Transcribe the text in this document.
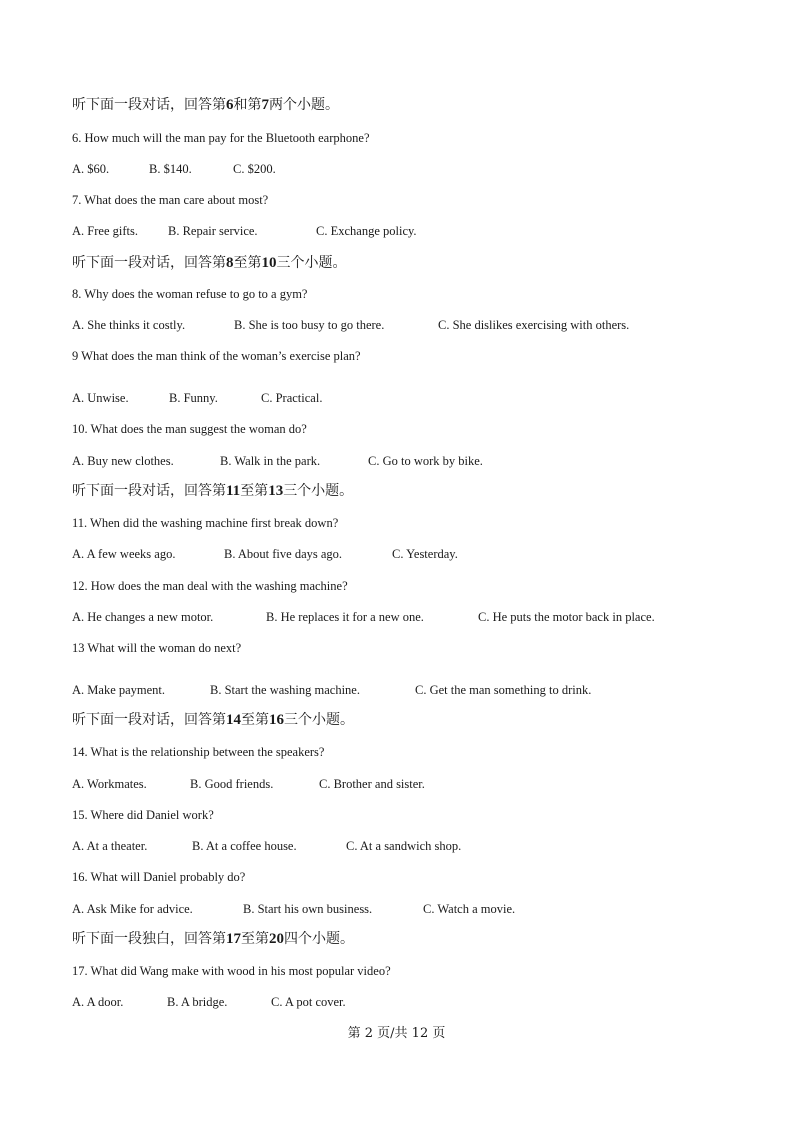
听下面一段对话，回答第6和第7两个小题。
6. How much will the man pay for the Bluetooth earphone?
A. $60.	B. $140.	C. $200.
7. What does the man care about most?
A. Free gifts. B. Repair service.	C. Exchange policy.
听下面一段对话，回答第8至第10三个小题。
8. Why does the woman refuse to go to a gym?
A. She thinks it costly.	B. She is too busy to go there.	C. She dislikes exercising with others.
9 What does the man think of the woman’s exercise plan?
A. Unwise.	B. Funny.	C. Practical.
10. What does the man suggest the woman do?
A. Buy new clothes.	B. Walk in the park.	C. Go to work by bike.
听下面一段对话，回答第11至第13三个小题。
11. When did the washing machine first break down?
A. A few weeks ago.	B. About five days ago.	C. Yesterday.
12. How does the man deal with the washing machine?
A. He changes a new motor.	B. He replaces it for a new one.	C. He puts the motor back in place.
13 What will the woman do next?
A. Make payment.	B. Start the washing machine.	C. Get the man something to drink.
听下面一段对话，回答第14至第16三个小题。
14. What is the relationship between the speakers?
A. Workmates.	B. Good friends.	C. Brother and sister.
15. Where did Daniel work?
A. At a theater.	B. At a coffee house.	C. At a sandwich shop.
16. What will Daniel probably do?
A. Ask Mike for advice.	B. Start his own business.	C. Watch a movie.
听下面一段独白，回答第17至第20四个小题。
17. What did Wang make with wood in his most popular video?
A. A door.	B. A bridge.	C. A pot cover.
第 2 页/共 12 页
